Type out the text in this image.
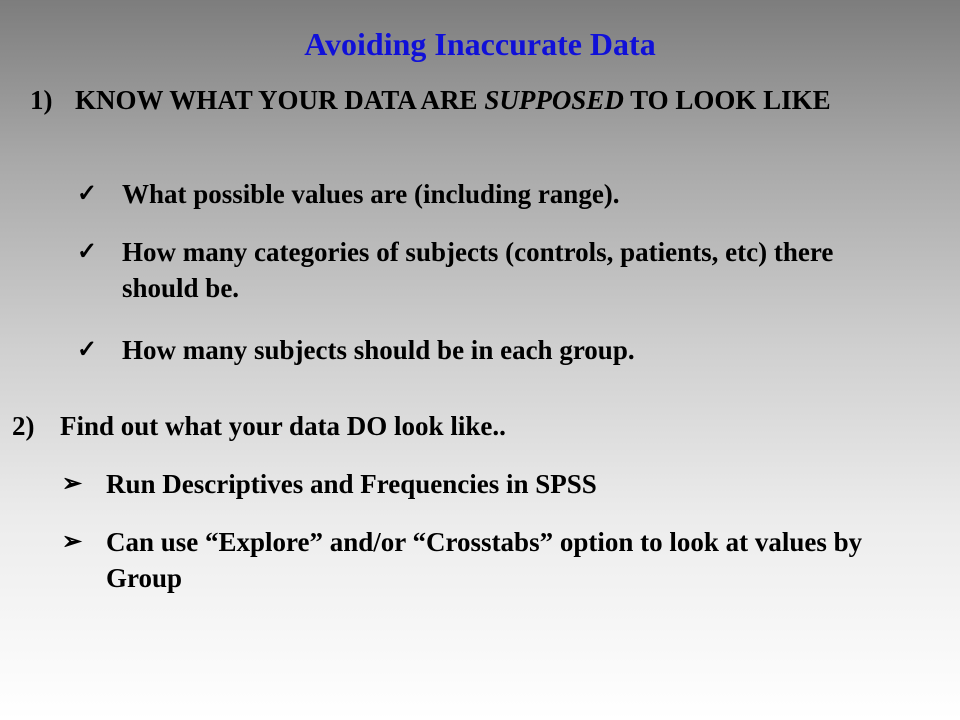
Avoiding Inaccurate Data
1) KNOW WHAT YOUR DATA ARE SUPPOSED TO LOOK LIKE
✓ What possible values are (including range).
✓ How many categories of subjects (controls, patients, etc) there should be.
✓ How many subjects should be in each group.
2) Find out what your data DO look like..
➢ Run Descriptives and Frequencies in SPSS
➢ Can use “Explore” and/or “Crosstabs” option to look at values by Group
